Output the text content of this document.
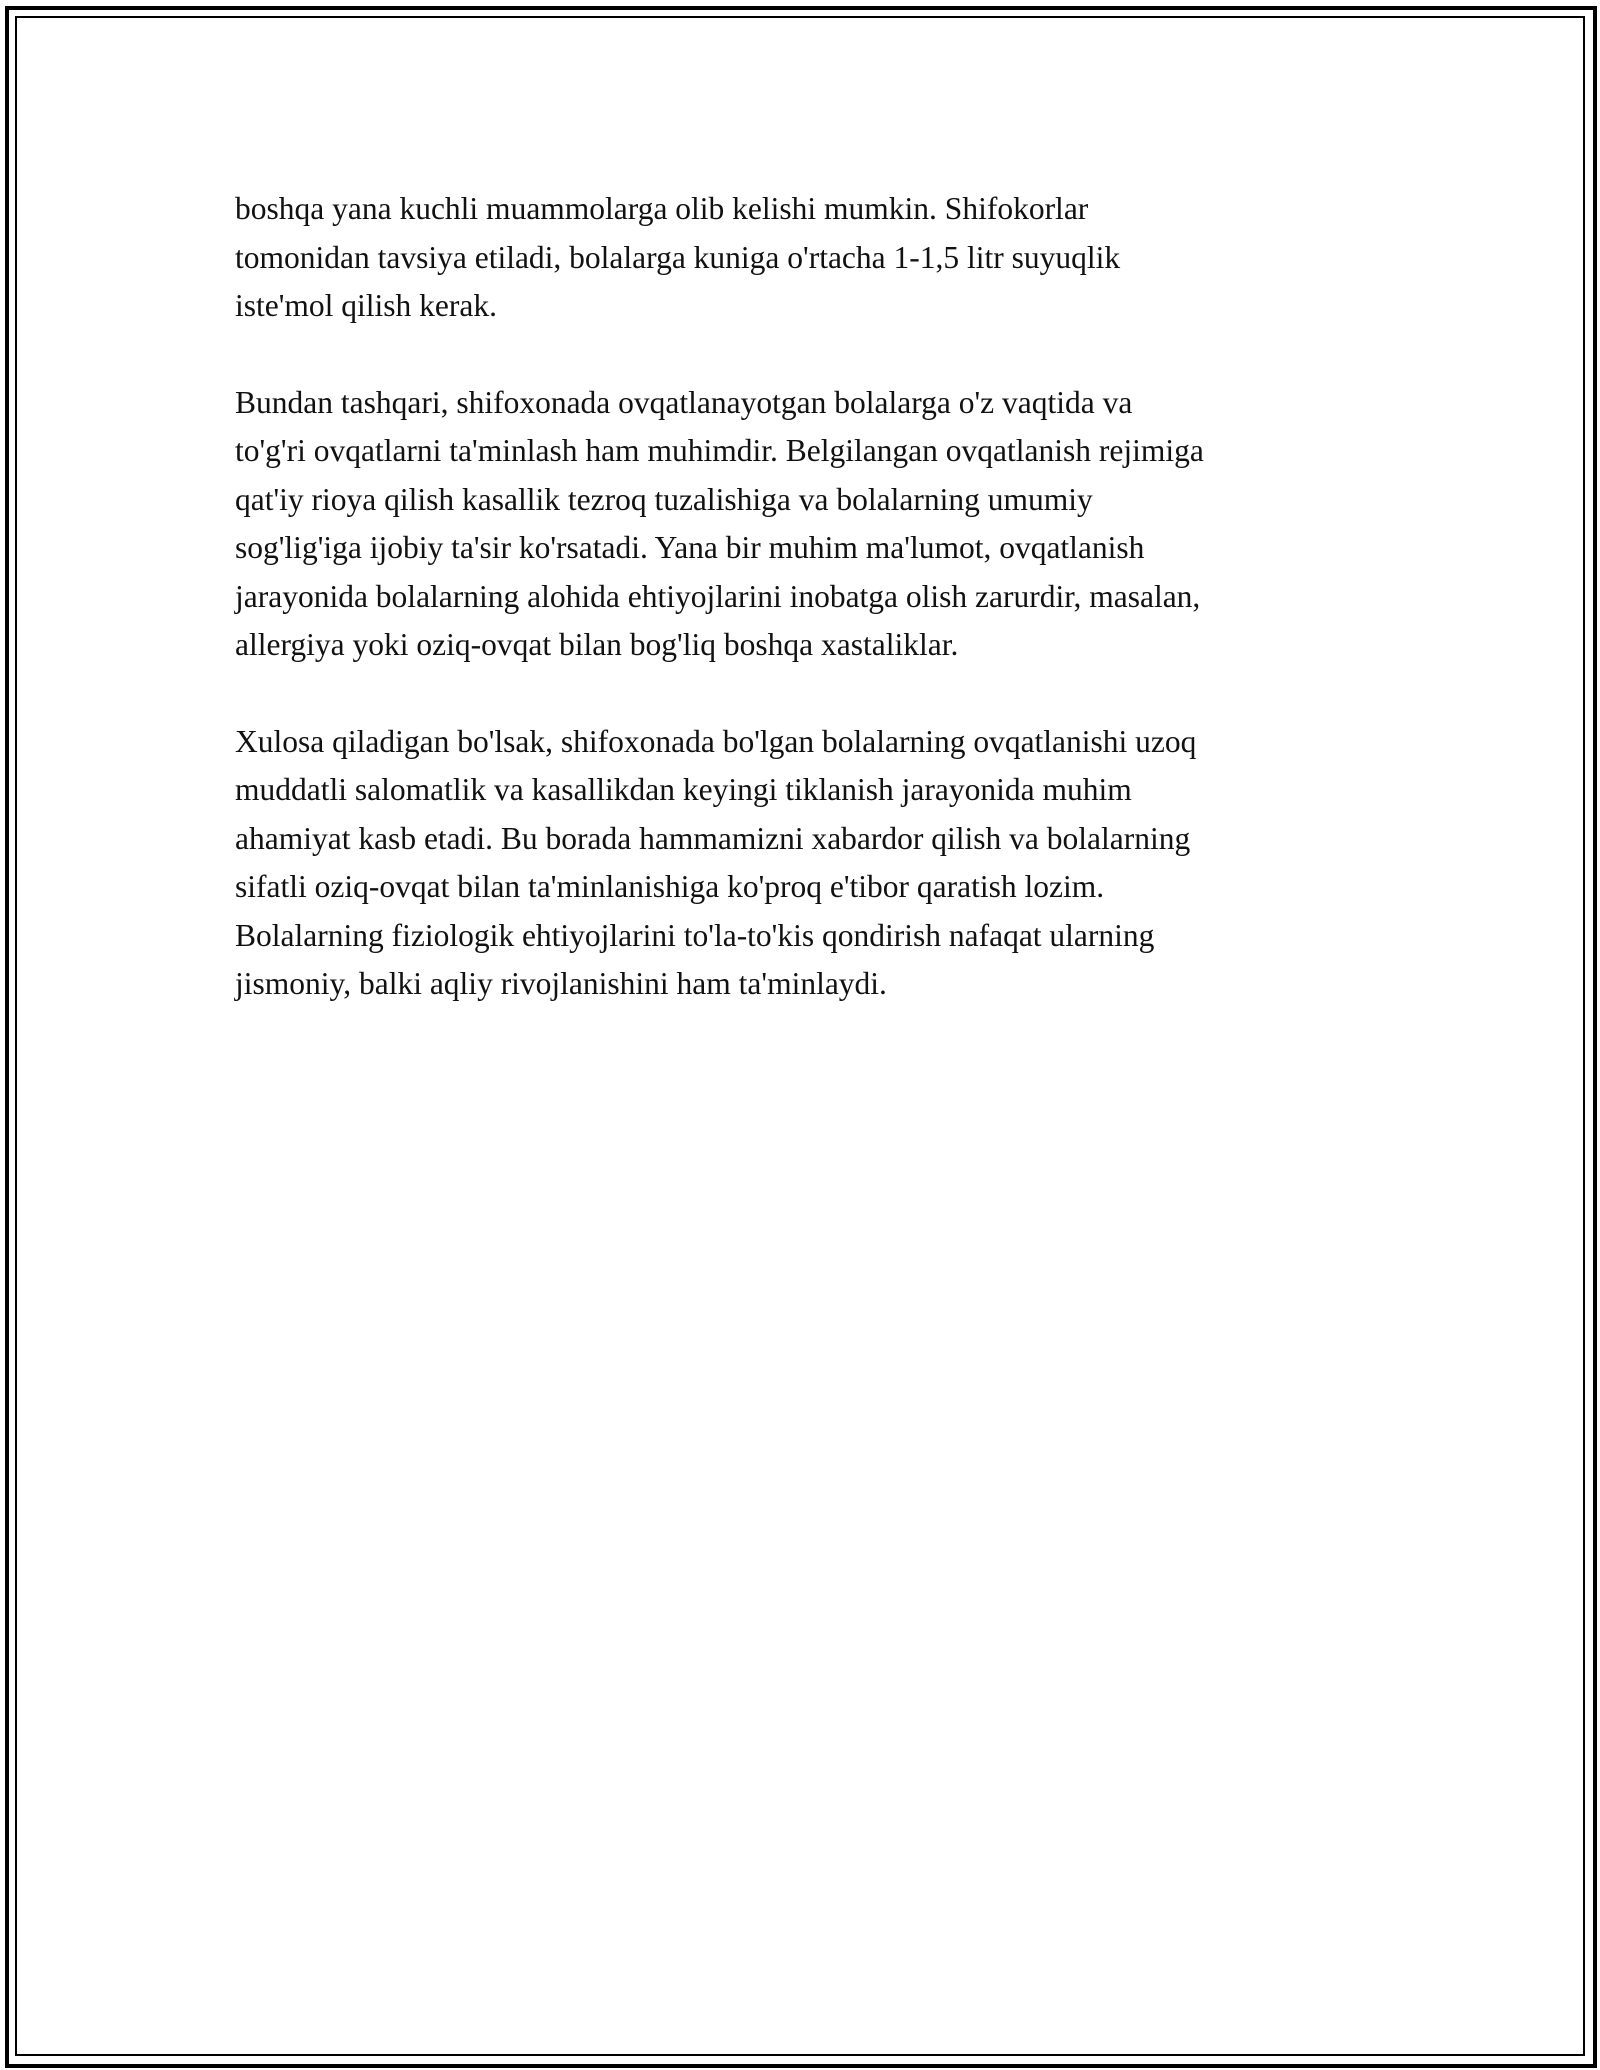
boshqa yana kuchli muammolarga olib kelishi mumkin. Shifokorlar
tomonidan tavsiya etiladi, bolalarga kuniga o'rtacha 1-1,5 litr suyuqlik
iste'mol qilish kerak.

Bundan tashqari, shifoxonada ovqatlanayotgan bolalarga o'z vaqtida va
to'g'ri ovqatlarni ta'minlash ham muhimdir. Belgilangan ovqatlanish rejimiga
qat'iy rioya qilish kasallik tezroq tuzalishiga va bolalarning umumiy
sog'lig'iga ijobiy ta'sir ko'rsatadi. Yana bir muhim ma'lumot, ovqatlanish
jarayonida bolalarning alohida ehtiyojlarini inobatga olish zarurdir, masalan,
allergiya yoki oziq-ovqat bilan bog'liq boshqa xastaliklar.

Xulosa qiladigan bo'lsak, shifoxonada bo'lgan bolalarning ovqatlanishi uzoq
muddatli salomatlik va kasallikdan keyingi tiklanish jarayonida muhim
ahamiyat kasb etadi. Bu borada hammamizni xabardor qilish va bolalarning
sifatli oziq-ovqat bilan ta'minlanishiga ko'proq e'tibor qaratish lozim.
Bolalarning fiziologik ehtiyojlarini to'la-to'kis qondirish nafaqat ularning
jismoniy, balki aqliy rivojlanishini ham ta'minlaydi.
